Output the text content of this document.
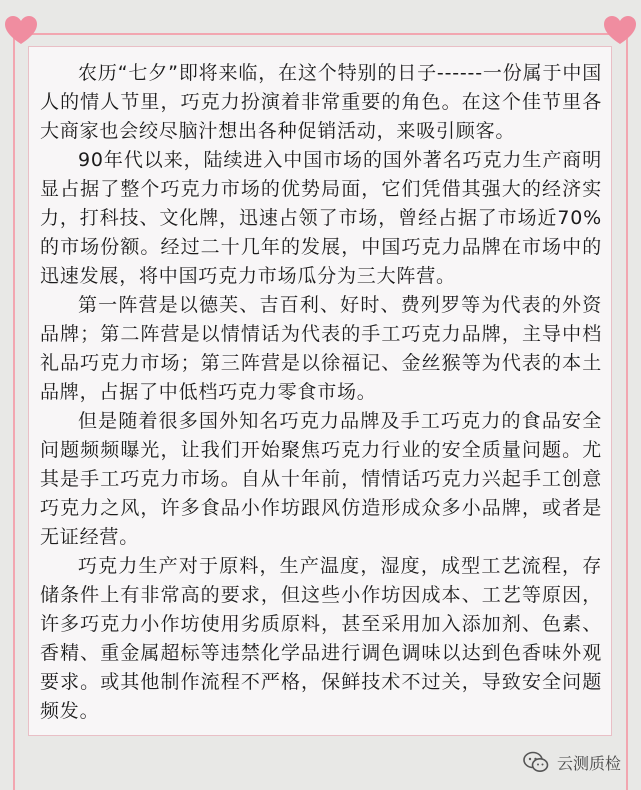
农历“七夕”即将来临，在这个特别的日子------一份属于中国人的情人节里，巧克力扮演着非常重要的角色。在这个佳节里各大商家也会绞尽脑汁想出各种促销活动，来吸引顾客。

90年代以来，陆续进入中国市场的国外著名巧克力生产商明显占据了整个巧克力市场的优势局面，它们凭借其强大的经济实力，打科技、文化牌，迅速占领了市场，曾经占据了市场近70%的市场份额。经过二十几年的发展，中国巧克力品牌在市场中的迅速发展，将中国巧克力市场瓜分为三大阵营。

第一阵营是以德芙、吉百利、好时、费列罗等为代表的外资品牌；第二阵营是以情情话为代表的手工巧克力品牌，主导中档礼品巧克力市场；第三阵营是以徐福记、金丝猴等为代表的本土品牌，占据了中低档巧克力零食市场。

但是随着很多国外知名巧克力品牌及手工巧克力的食品安全问题频频曝光，让我们开始聚焦巧克力行业的安全质量问题。尤其是手工巧克力市场。自从十年前，情情话巧克力兴起手工创意巧克力之风，许多食品小作坊跟风仿造形成众多小品牌，或者是无证经营。

巧克力生产对于原料，生产温度，湿度，成型工艺流程，存储条件上有非常高的要求，但这些小作坊因成本、工艺等原因，许多巧克力小作坊使用劣质原料，甚至采用加入添加剂、色素、香精、重金属超标等违禁化学品进行调色调味以达到色香味外观要求。或其他制作流程不严格，保鲜技术不过关，导致安全问题频发。

云测质检
